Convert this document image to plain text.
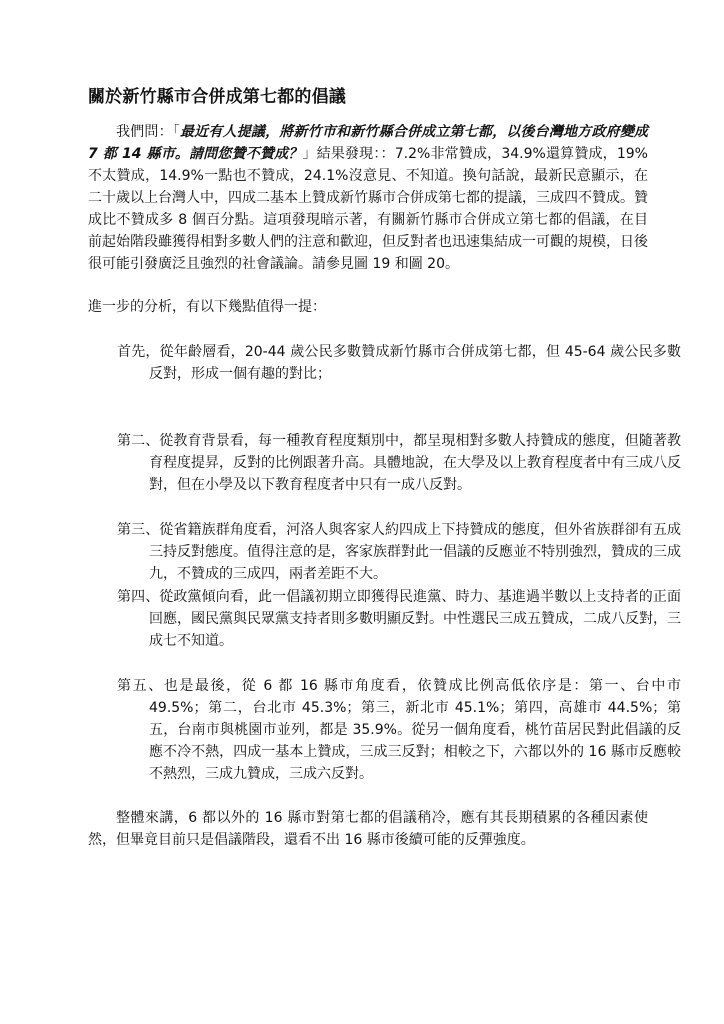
關於新竹縣市合併成第七都的倡議

我們問：「最近有人提議，將新竹市和新竹縣合併成立第七都，以後台灣地方政府變成 7 都 14 縣市。請問您贊不贊成？」結果發現：：7.2%非常贊成，34.9%還算贊成，19%不太贊成，14.9%一點也不贊成，24.1%沒意見、不知道。換句話說，最新民意顯示，在二十歲以上台灣人中，四成二基本上贊成新竹縣市合併成第七都的提議，三成四不贊成。贊成比不贊成多 8 個百分點。這項發現暗示著，有關新竹縣市合併成立第七都的倡議，在目前起始階段雖獲得相對多數人們的注意和歡迎，但反對者也迅速集結成一可觀的規模，日後很可能引發廣泛且強烈的社會議論。請參見圖 19 和圖 20。

進一步的分析，有以下幾點值得一提：

首先，從年齡層看，20-44 歲公民多數贊成新竹縣市合併成第七都，但 45-64 歲公民多數反對，形成一個有趣的對比；

第二、從教育背景看，每一種教育程度類別中，都呈現相對多數人持贊成的態度，但隨著教育程度提昇，反對的比例跟著升高。具體地說，在大學及以上教育程度者中有三成八反對，但在小學及以下教育程度者中只有一成八反對。

第三、從省籍族群角度看，河洛人與客家人約四成上下持贊成的態度，但外省族群卻有五成三持反對態度。值得注意的是，客家族群對此一倡議的反應並不特別強烈，贊成的三成九，不贊成的三成四，兩者差距不大。

第四、從政黨傾向看，此一倡議初期立即獲得民進黨、時力、基進過半數以上支持者的正面回應，國民黨與民眾黨支持者則多數明顯反對。中性選民三成五贊成，二成八反對，三成七不知道。

第五、也是最後，從 6 都 16 縣市角度看，依贊成比例高低依序是：第一、台中市 49.5%；第二，台北市 45.3%；第三，新北市 45.1%；第四，高雄市 44.5%；第五，台南市與桃園市並列，都是 35.9%。從另一個角度看，桃竹苗居民對此倡議的反應不冷不熱，四成一基本上贊成，三成三反對；相較之下，六都以外的 16 縣市反應較不熱烈，三成九贊成，三成六反對。

整體來講，6 都以外的 16 縣市對第七都的倡議稍冷，應有其長期積累的各種因素使然，但畢竟目前只是倡議階段，還看不出 16 縣市後續可能的反彈強度。
